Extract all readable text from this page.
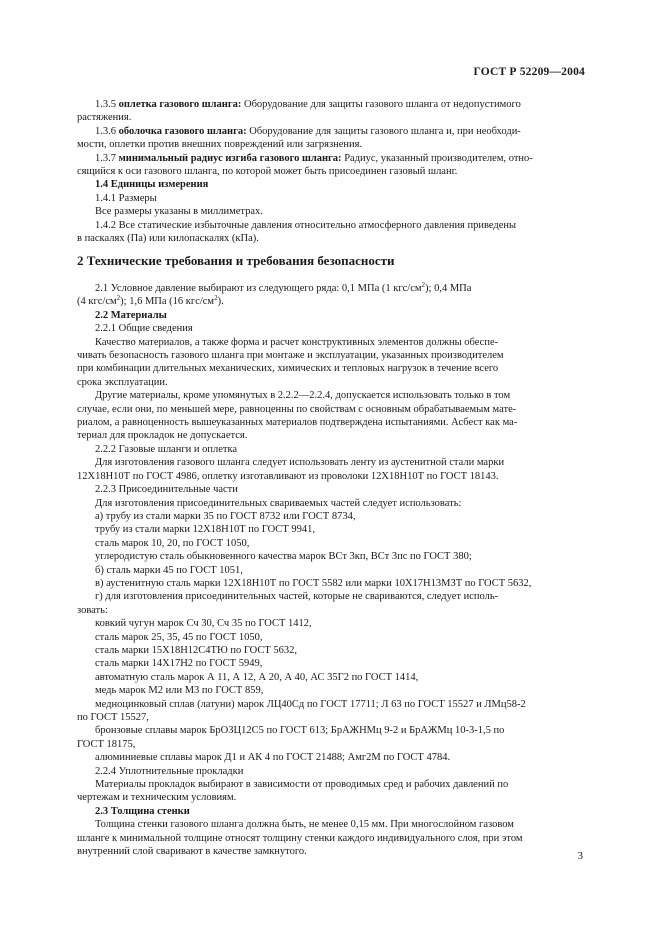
ГОСТ Р 52209—2004

1.3.5 оплетка газового шланга: Оборудование для защиты газового шланга от недопустимого

растяжения.

1.3.6 оболочка газового шланга: Оборудование для защиты газового шланга и, при необходи-

мости, оплетки против внешних повреждений или загрязнения.

1.3.7 минимальный радиус изгиба газового шланга: Радиус, указанный производителем, отно-

сящийся к оси газового шланга, по которой может быть присоединен газовый шланг.

1.4 Единицы измерения

1.4.1 Размеры

Все размеры указаны в миллиметрах.

1.4.2 Все статические избыточные давления относительно атмосферного давления приведены

в паскалях (Па) или килопаскалях (кПа).

2 Технические требования и требования безопасности

2.1 Условное давление выбирают из следующего ряда: 0,1 МПа (1 кгс/$см^2$); 0,4 МПа

(4 кгс/$см^2$); 1,6 МПа (16 кгс/$см^2$).

2.2 Материалы

2.2.1 Общие сведения

Качество материалов, а также форма и расчет конструктивных элементов должны обеспе-

чивать безопасность газового шланга при монтаже и эксплуатации, указанных производителем

при комбинации длительных механических, химических и тепловых нагрузок в течение всего

срока эксплуатации.

Другие материалы, кроме упомянутых в 2.2.2—2.2.4, допускается использовать только в том

случае, если они, по меньшей мере, равноценны по свойствам с основным обрабатываемым мате-

риалом, а равноценность вышеуказанных материалов подтверждена испытаниями. Асбест как ма-

териал для прокладок не допускается.

2.2.2 Газовые шланги и оплетка

Для изготовления газового шланга следует использовать ленту из аустенитной стали марки

12Х18Н10Т по ГОСТ 4986, оплетку изготавливают из проволоки 12Х18Н10Т по ГОСТ 18143.

2.2.3 Присоединительные части

Для изготовления присоединительных свариваемых частей следует использовать:

а) трубу из стали марки 35 по ГОСТ 8732 или ГОСТ 8734,

трубу из стали марки 12Х18Н10Т по ГОСТ 9941,

сталь марок 10, 20, по ГОСТ 1050,

углеродистую сталь обыкновенного качества марок ВСт 3кп, ВСт 3пс по ГОСТ 380;

б) сталь марки 45 по ГОСТ 1051,

в) аустенитную сталь марки 12Х18Н10Т по ГОСТ 5582 или марки 10Х17Н13М3Т по ГОСТ 5632,

г) для изготовления присоединительных частей, которые не свариваются, следует исполь-

зовать:

ковкий чугун марок Сч 30, Сч 35 по ГОСТ 1412,

сталь марок 25, 35, 45 по ГОСТ 1050,

сталь марки 15Х18Н12С4ТЮ по ГОСТ 5632,

сталь марки 14Х17Н2 по ГОСТ 5949,

автоматную сталь марок А 11, А 12, А 20, А 40, АС 35Г2 по ГОСТ 1414,

медь марок М2 или М3 по ГОСТ 859,

медноцинковый сплав (латуни) марок ЛЦ40Сд по ГОСТ 17711; Л 63 по ГОСТ 15527 и ЛМц58-2

по ГОСТ 15527,

бронзовые сплавы марок БрОЗЦ12С5 по ГОСТ 613; БрАЖНМц 9-2 и БрАЖМц 10-3-1,5 по

ГОСТ 18175,

алюминиевые сплавы марок Д1 и АК 4 по ГОСТ 21488; Амг2М по ГОСТ 4784.

2.2.4 Уплотнительные прокладки

Материалы прокладок выбирают в зависимости от проводимых сред и рабочих давлений по

чертежам и техническим условиям.

2.3 Толщина стенки

Толщина стенки газового шланга должна быть, не менее 0,15 мм. При многослойном газовом

шланге к минимальной толщине относят толщину стенки каждого индивидуального слоя, при этом

внутренний слой сваривают в качестве замкнутого.	3
